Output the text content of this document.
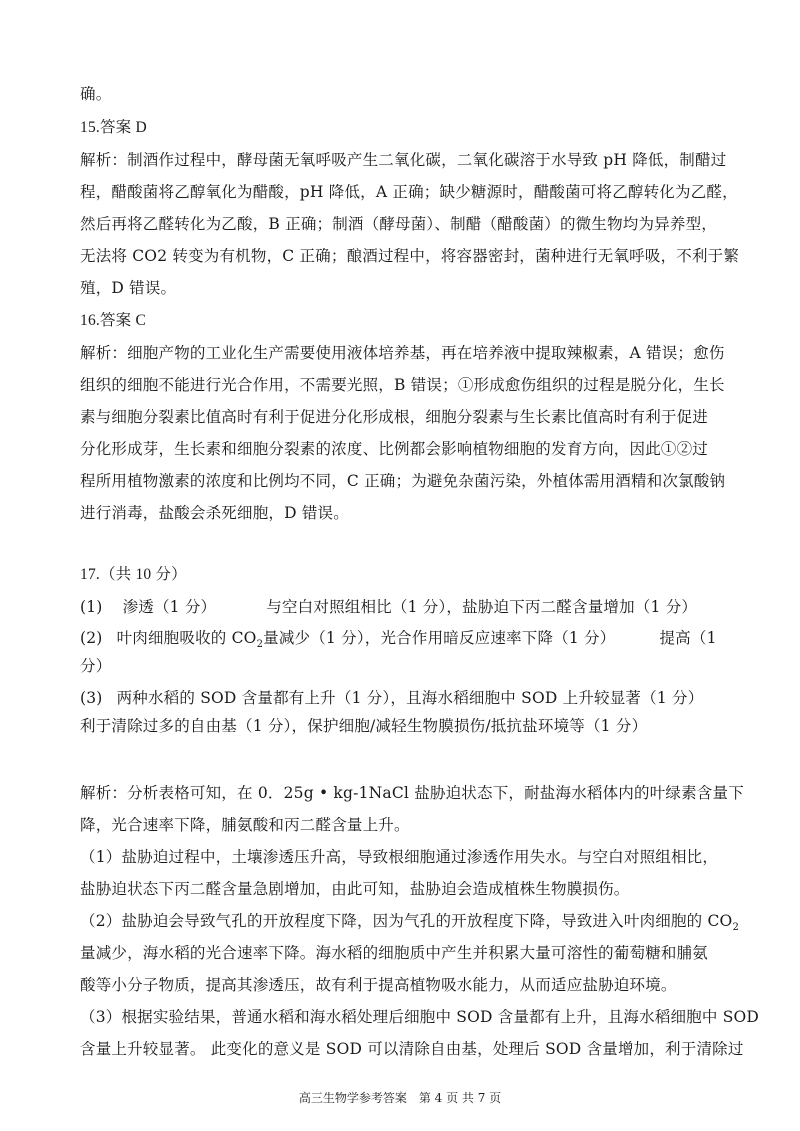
确。
15.答案 D
解析：制酒作过程中，酵母菌无氧呼吸产生二氧化碳，二氧化碳溶于水导致 pH 降低，制醋过
程，醋酸菌将乙醇氧化为醋酸，pH 降低，A 正确；缺少糖源时，醋酸菌可将乙醇转化为乙醛，
然后再将乙醛转化为乙酸，B 正确；制酒（酵母菌）、制醋（醋酸菌）的微生物均为异养型，
无法将 CO2 转变为有机物，C 正确；酿酒过程中，将容器密封，菌种进行无氧呼吸，不利于繁
殖，D 错误。
16.答案 C
解析：细胞产物的工业化生产需要使用液体培养基，再在培养液中提取辣椒素，A 错误；愈伤
组织的细胞不能进行光合作用，不需要光照，B 错误；①形成愈伤组织的过程是脱分化，生长
素与细胞分裂素比值高时有利于促进分化形成根，细胞分裂素与生长素比值高时有利于促进
分化形成芽，生长素和细胞分裂素的浓度、比例都会影响植物细胞的发育方向，因此①②过
程所用植物激素的浓度和比例均不同，C 正确；为避免杂菌污染，外植体需用酒精和次氯酸钠
进行消毒，盐酸会杀死细胞，D 错误。
17.（共 10 分）
(1) 渗透（1 分）	与空白对照组相比（1 分），盐胁迫下丙二醛含量增加（1 分）
(2) 叶肉细胞吸收的 $CO_2$量减少（1 分），光合作用暗反应速率下降（1 分）	提高（1
分）
(3) 两种水稻的 SOD 含量都有上升（1 分），且海水稻细胞中 SOD 上升较显著（1 分）
利于清除过多的自由基（1 分），保护细胞/减轻生物膜损伤/抵抗盐环境等（1 分）
解析：分析表格可知，在 0．25g • kg-1NaCl 盐胁迫状态下，耐盐海水稻体内的叶绿素含量下
降，光合速率下降，脯氨酸和丙二醛含量上升。
（1）盐胁迫过程中，土壤渗透压升高，导致根细胞通过渗透作用失水。与空白对照组相比，
盐胁迫状态下丙二醛含量急剧增加，由此可知，盐胁迫会造成植株生物膜损伤。
（2）盐胁迫会导致气孔的开放程度下降，因为气孔的开放程度下降，导致进入叶肉细胞的 $CO_2$
量减少，海水稻的光合速率下降。海水稻的细胞质中产生并积累大量可溶性的葡萄糖和脯氨
酸等小分子物质，提高其渗透压，故有利于提高植物吸水能力，从而适应盐胁迫环境。
（3）根据实验结果，普通水稻和海水稻处理后细胞中 SOD 含量都有上升，且海水稻细胞中 SOD
含量上升较显著。 此变化的意义是 SOD 可以清除自由基，处理后 SOD 含量增加，利于清除过
高三生物学参考答案　第 4 页 共 7 页
